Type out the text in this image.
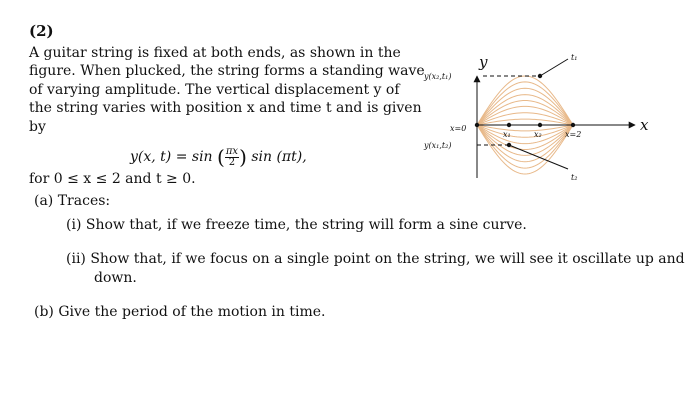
(2)
A guitar string is fixed at both ends, as shown in the
figure. When plucked, the string forms a standing wave
of varying amplitude. The vertical displacement y of
the string varies with position x and time t and is given
by
y(x, t) = sin ( $\frac{\pi x}{2}$ ) sin (πt),
for 0 ≤ x ≤ 2 and t ≥ 0.
(a) Traces:
(i) Show that, if we freeze time, the string will form a sine curve.
(ii) Show that, if we focus on a single point on the string, we will see it oscillate up and
down.
(b) Give the period of the motion in time.
y
x
t₁
t₂
y(x₂,t₁)
y(x₁,t₂)
x=0
x₁	x₂	x=2
